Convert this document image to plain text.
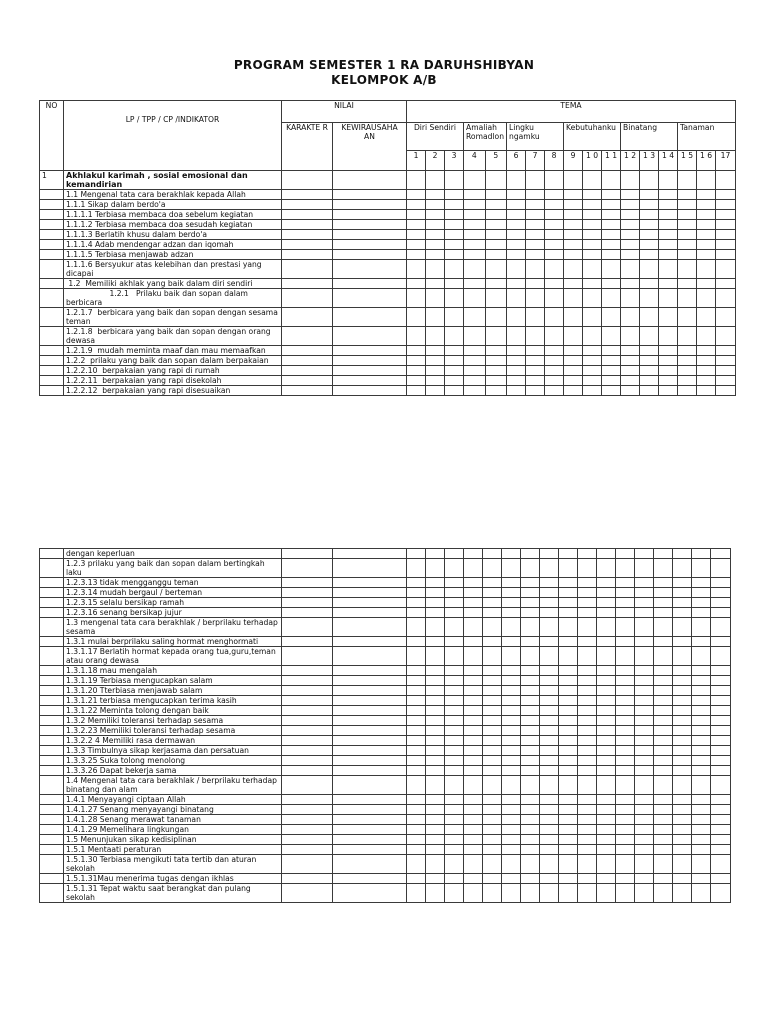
PROGRAM SEMESTER 1 RA DARUHSHIBYAN
KELOMPOK A/B
NO	LP / TPP / CP /INDIKATOR	NILAI		TEMA																
		KARAKTE R	KEWIRAUSAHA AN	Diri Sendiri			Amaliah Romadlon		Lingku ngamku			Kebutuhanku			Binatang			Tanaman		
				1	2	3	4	5	6	7	8	9	1 0	1 1	1 2	1 3	1 4	1 5	1 6	17

1	Akhlakul karimah , sosial emosional dan kemandirian																			
	1.1 Mengenal tata cara berakhlak kepada Allah																			
	1.1.1 Sikap dalam berdo'a																			
	1.1.1.1 Terbiasa membaca doa sebelum kegiatan																			
	1.1.1.2 Terbiasa membaca doa sesudah kegiatan																			
	1.1.1.3 Berlatih khusu dalam berdo'a																			
	1.1.1.4 Adab mendengar adzan dan iqomah																			
	1.1.1.5 Terbiasa menjawab adzan																			
	1.1.1.6 Bersyukur atas kelebihan dan prestasi yang dicapai																			
	1.2  Memiliki akhlak yang baik dalam diri sendiri																			
	1.2.1   Prilaku baik dan sopan dalam                              berbicara																			
	1.2.1.7  berbicara yang baik dan sopan dengan sesama teman																			
	1.2.1.8  berbicara yang baik dan sopan dengan orang dewasa																			
	1.2.1.9  mudah meminta maaf dan mau memaafkan																			
	1.2.2  prilaku yang baik dan sopan dalam berpakaian																			
	1.2.2.10  berpakaian yang rapi di rumah																			
	1.2.2.11  berpakaian yang rapi disekolah																			
	1.2.2.12  berpakaian yang rapi disesuaikan																			
	dengan keperluan																			
	1.2.3 prilaku yang baik dan sopan dalam bertingkah laku																			
	1.2.3.13 tidak mengganggu teman																			
	1.2.3.14 mudah bergaul / berteman																			
	1.2.3.15 selalu bersikap ramah																			
	1.2.3.16 senang bersikap jujur																			
	1.3 mengenal tata cara berakhlak / berprilaku terhadap sesama																			
	1.3.1 mulai berprilaku saling hormat menghormati																			
	1.3.1.17 Berlatih hormat kepada orang tua,guru,teman atau orang dewasa																			
	1.3.1.18 mau mengalah																			
	1.3.1.19 Terbiasa mengucapkan salam																			
	1.3.1.20 Tterbiasa menjawab salam																			
	1.3.1.21 terbiasa mengucapkan terima kasih																			
	1.3.1.22 Meminta tolong dengan baik																			
	1.3.2 Memiliki toleransi terhadap sesama																			
	1.3.2.23 Memiliki toleransi terhadap sesama																			
	1.3.2.2 4 Memiliki rasa dermawan																			
	1.3.3 Timbulnya sikap kerjasama dan persatuan																			
	1.3.3.25 Suka tolong menolong																			
	1.3.3.26 Dapat bekerja sama																			
	1.4 Mengenal tata cara berakhlak / berprilaku terhadap binatang dan alam																			
	1.4.1 Menyayangi ciptaan Allah																			
	1.4.1.27 Senang menyayangi binatang																			
	1.4.1.28 Senang merawat tanaman																			
	1.4.1.29 Memelihara lingkungan																			
	1.5 Menunjukan sikap kedisiplinan																			
	1.5.1 Mentaati peraturan																			
	1.5.1.30 Terbiasa mengikuti tata tertib dan aturan sekolah																			
	1.5.1.31Mau menerima tugas dengan ikhlas																			
	1.5.1.31 Tepat waktu saat berangkat dan pulang sekolah																			
